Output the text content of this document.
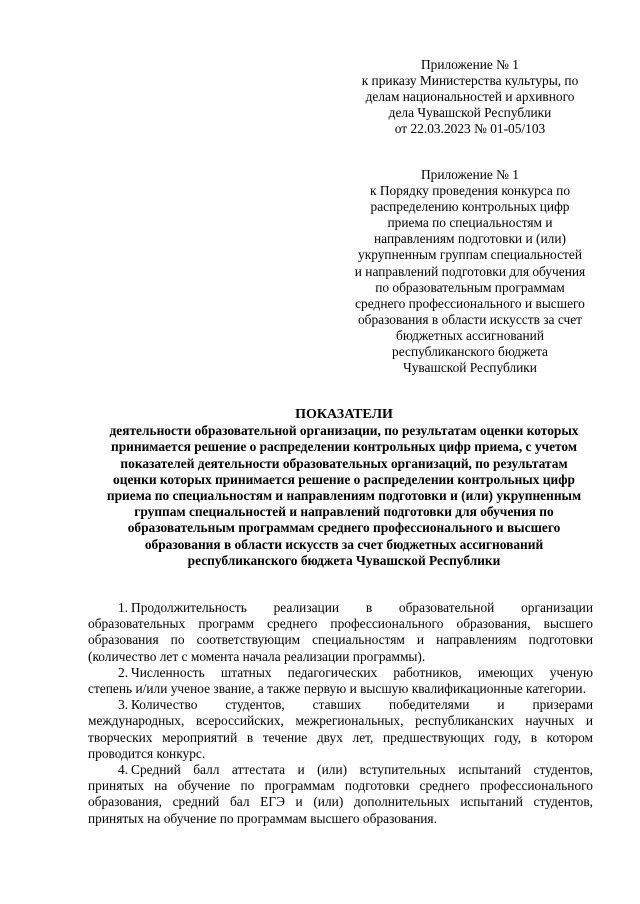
Приложение № 1
к приказу Министерства культуры, по
делам национальностей и архивного
дела Чувашской Республики
от 22.03.2023 № 01-05/103
Приложение № 1
к Порядку проведения конкурса по
распределению контрольных цифр
приема по специальностям и
направлениям подготовки и (или)
укрупненным группам специальностей
и направлений подготовки для обучения
по образовательным программам
среднего профессионального и высшего
образования в области искусств за счет
бюджетных ассигнований
республиканского бюджета
Чувашской Республики
ПОКАЗАТЕЛИ
деятельности образовательной организации, по результатам оценки которых
принимается решение о распределении контрольных цифр приема, с учетом
показателей деятельности образовательных организаций, по результатам
оценки которых принимается решение о распределении контрольных цифр
приема по специальностям и направлениям подготовки и (или) укрупненным
группам специальностей и направлений подготовки для обучения по
образовательным программам среднего профессионального и высшего
образования в области искусств за счет бюджетных ассигнований
республиканского бюджета Чувашской Республики
1. Продолжительность реализации в образовательной организации
образовательных программ среднего профессионального образования, высшего образования по соответствующим специальностям и направлениям подготовки (количество лет с момента начала реализации программы).
2. Численность штатных педагогических работников, имеющих ученую
степень и/или ученое звание, а также первую и высшую квалификационные категории.
3. Количество студентов, ставших победителями и призерами
международных, всероссийских, межрегиональных, республиканских научных и творческих мероприятий в течение двух лет, предшествующих году, в котором проводится конкурс.
4. Средний балл аттестата и (или) вступительных испытаний студентов,
принятых на обучение по программам подготовки среднего профессионального образования, средний бал ЕГЭ и (или) дополнительных испытаний студентов, принятых на обучение по программам высшего образования.
